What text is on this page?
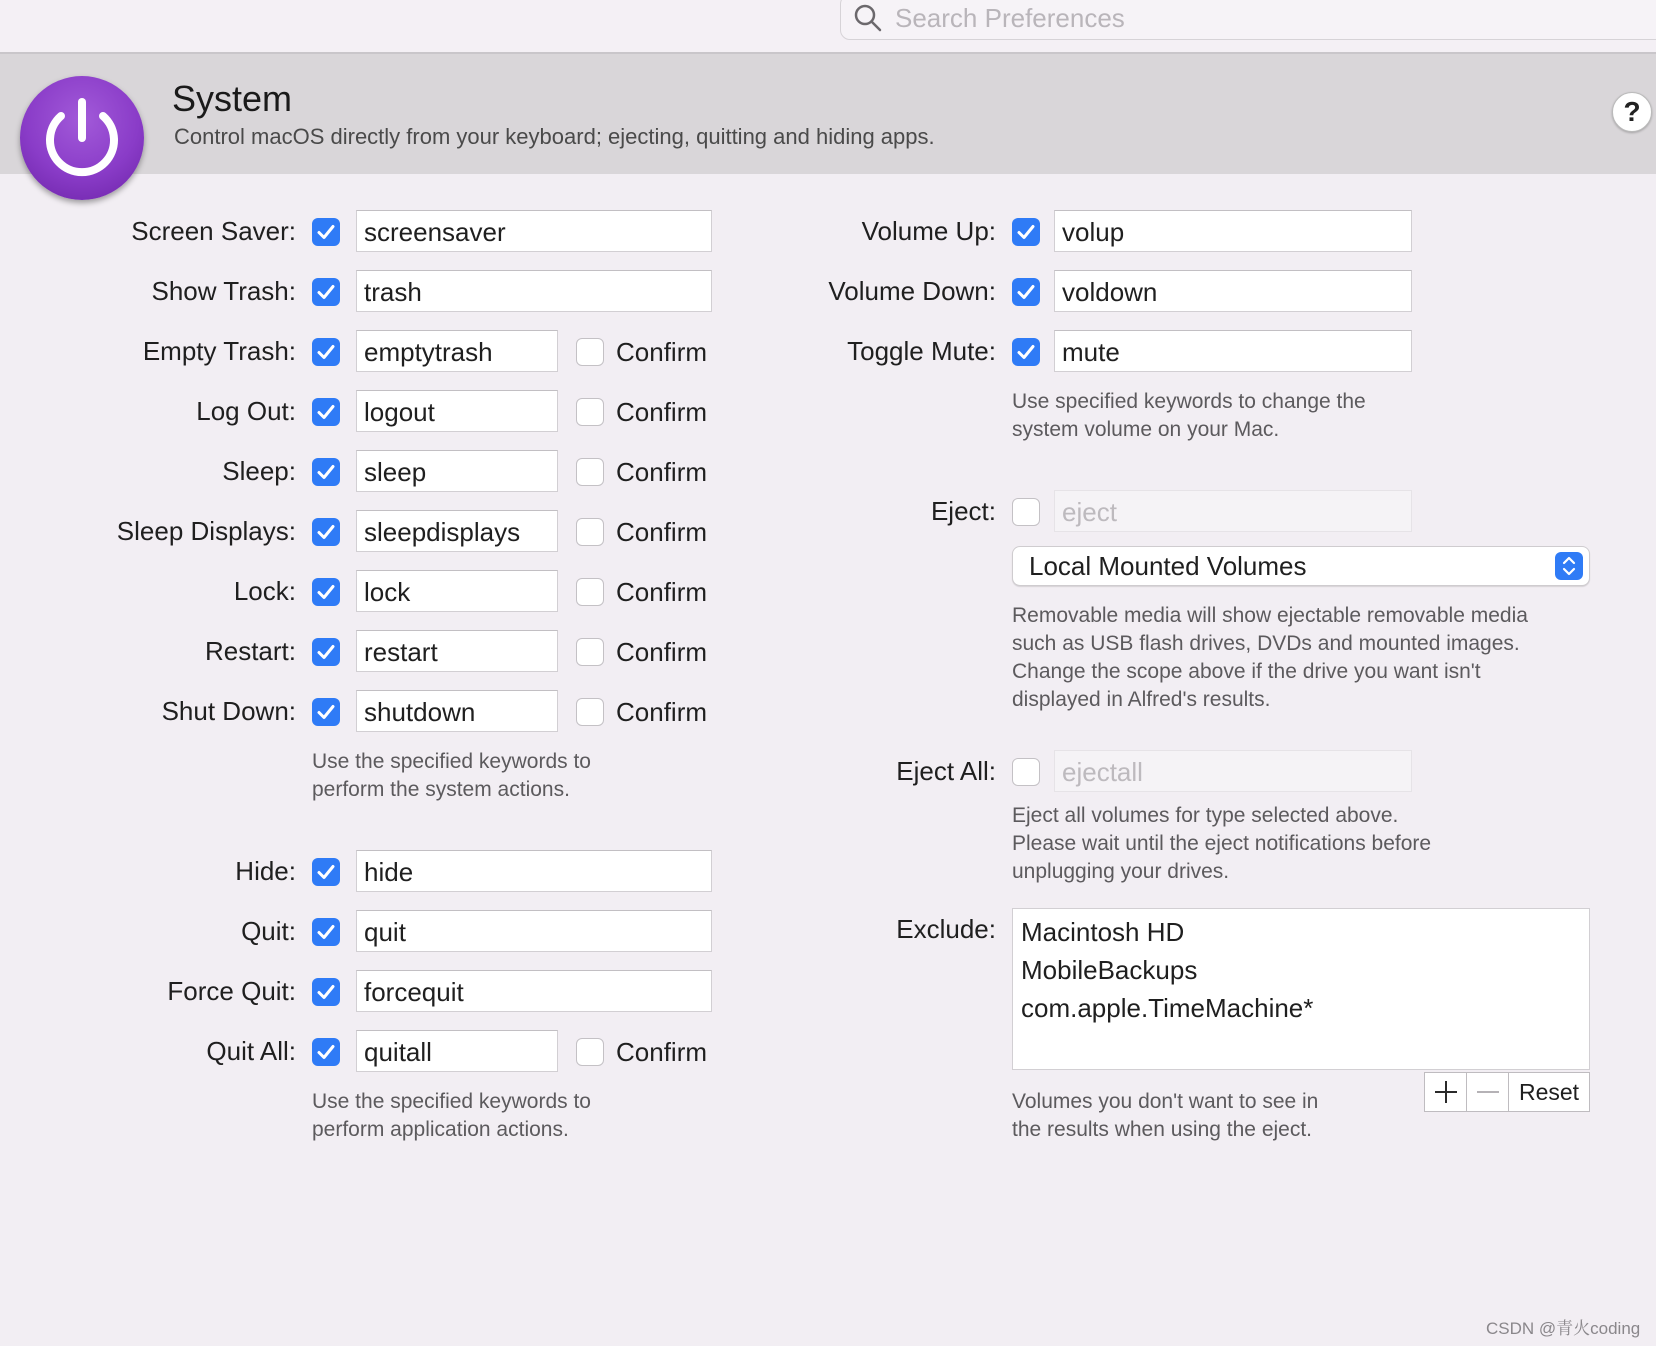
Search Preferences
System
Control macOS directly from your keyboard; ejecting, quitting and hiding apps.
?
Screen Saver:	screensaver
Show Trash:	trash
Empty Trash:	emptytrash	Confirm
Log Out:	logout	Confirm
Sleep:	sleep	Confirm
Sleep Displays:	sleepdisplays	Confirm
Lock:	lock	Confirm
Restart:	restart	Confirm
Shut Down:	shutdown	Confirm
Hide:	hide
Quit:	quit
Force Quit:	forcequit
Quit All:	quitall	Confirm
Use the specified keywords to
perform the system actions.
Use the specified keywords to
perform application actions.
Volume Up:	volup
Volume Down:	voldown
Toggle Mute:	mute
Use specified keywords to change the
system volume on your Mac.
Eject:	eject
Local Mounted Volumes
Removable media will show ejectable removable media
such as USB flash drives, DVDs and mounted images.
Change the scope above if the drive you want isn't
displayed in Alfred's results.
Eject All:	ejectall
Eject all volumes for type selected above.
Please wait until the eject notifications before
unplugging your drives.
Exclude: Macintosh HD
MobileBackups
com.apple.TimeMachine*
Reset
Volumes you don't want to see in
the results when using the eject.
CSDN @青火coding
